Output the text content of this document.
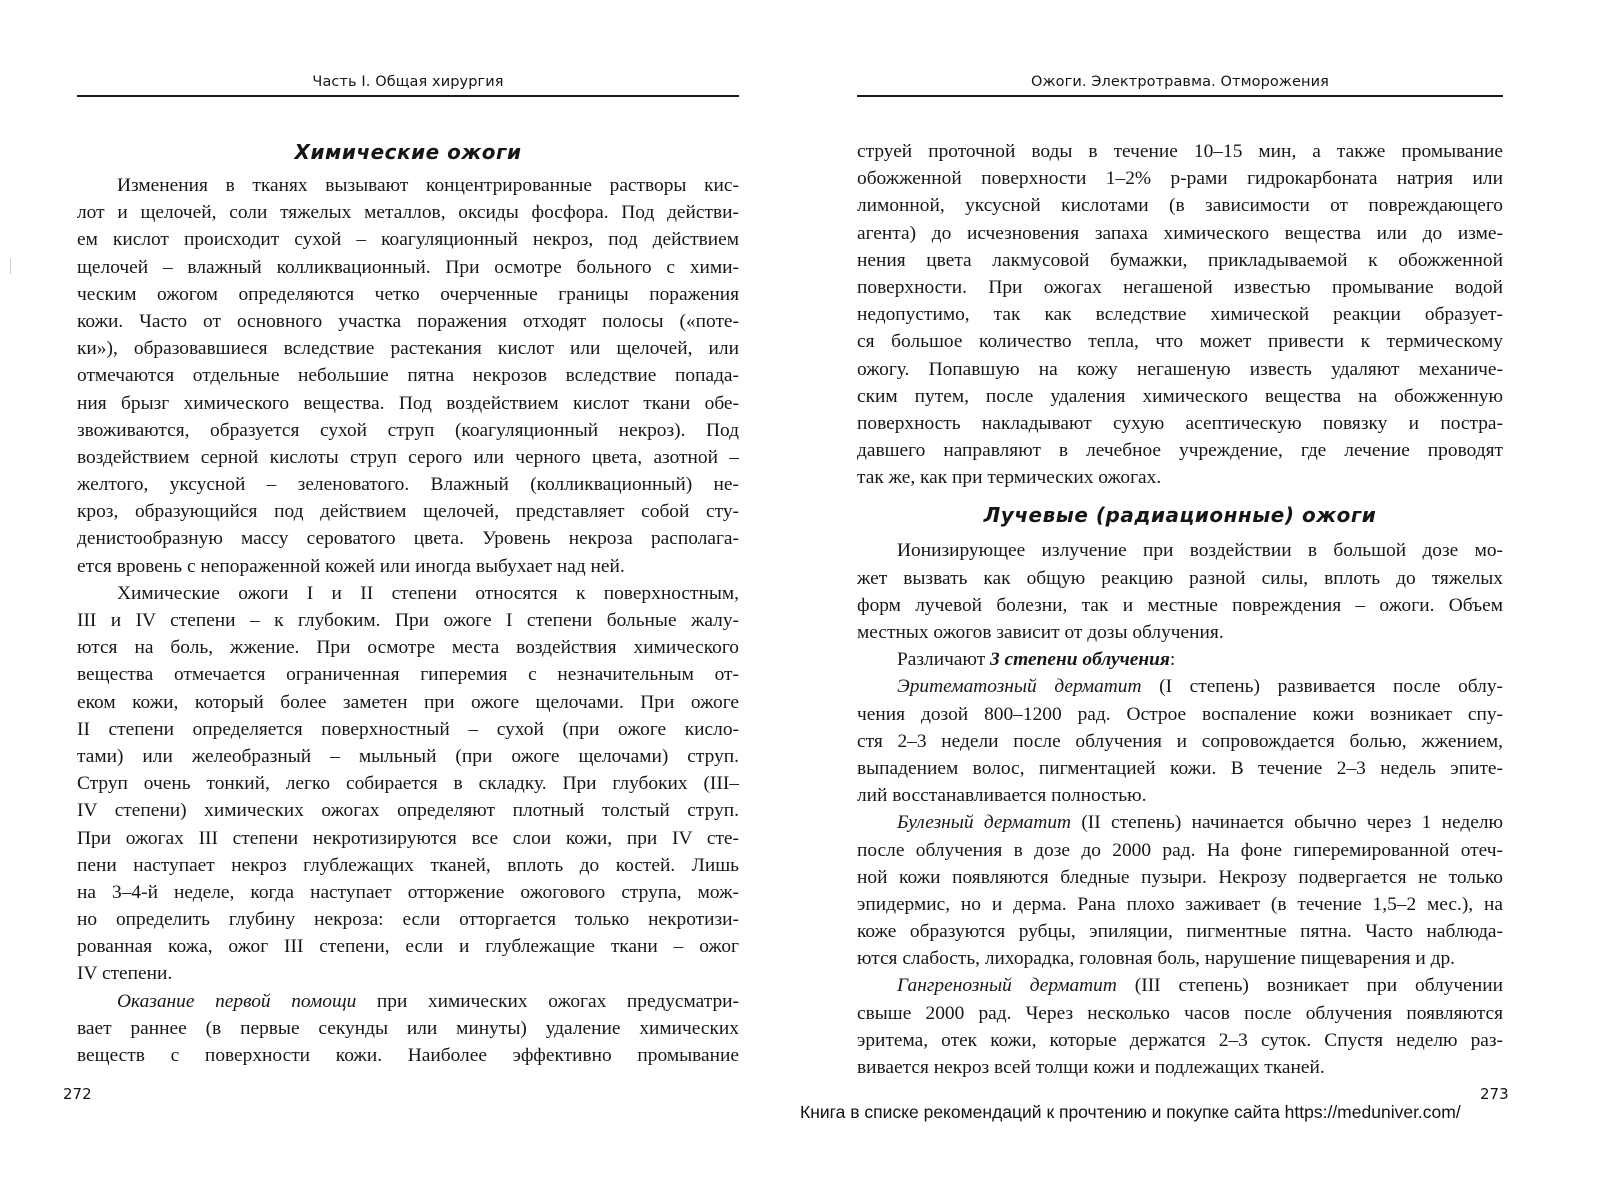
Часть I. Общая хирургия
Химические ожоги
Изменения в тканях вызывают концентрированные растворы кис-
лот и щелочей, соли тяжелых металлов, оксиды фосфора. Под действи-
ем кислот происходит сухой – коагуляционный некроз, под действием
щелочей – влажный колликвационный. При осмотре больного с хими-
ческим ожогом определяются четко очерченные границы поражения
кожи. Часто от основного участка поражения отходят полосы («поте-
ки»), образовавшиеся вследствие растекания кислот или щелочей, или
отмечаются отдельные небольшие пятна некрозов вследствие попада-
ния брызг химического вещества. Под воздействием кислот ткани обе-
звоживаются, образуется сухой струп (коагуляционный некроз). Под
воздействием серной кислоты струп серого или черного цвета, азотной –
желтого, уксусной – зеленоватого. Влажный (колликвационный) не-
кроз, образующийся под действием щелочей, представляет собой сту-
денистообразную массу сероватого цвета. Уровень некроза располага-
ется вровень с непораженной кожей или иногда выбухает над ней.
Химические ожоги I и II степени относятся к поверхностным,
III и IV степени – к глубоким. При ожоге I степени больные жалу-
ются на боль, жжение. При осмотре места воздействия химического
вещества отмечается ограниченная гиперемия с незначительным от-
еком кожи, который более заметен при ожоге щелочами. При ожоге
II степени определяется поверхностный – сухой (при ожоге кисло-
тами) или желеобразный – мыльный (при ожоге щелочами) струп.
Струп очень тонкий, легко собирается в складку. При глубоких (III–
IV степени) химических ожогах определяют плотный толстый струп.
При ожогах III степени некротизируются все слои кожи, при IV сте-
пени наступает некроз глублежащих тканей, вплоть до костей. Лишь
на 3–4-й неделе, когда наступает отторжение ожогового струпа, мож-
но определить глубину некроза: если отторгается только некротизи-
рованная кожа, ожог III степени, если и глублежащие ткани – ожог
IV степени.
Оказание первой помощи при химических ожогах предусматри-
вает раннее (в первые секунды или минуты) удаление химических
веществ с поверхности кожи. Наиболее эффективно промывание
272
Ожоги. Электротравма. Отморожения
струей проточной воды в течение 10–15 мин, а также промывание
обожженной поверхности 1–2% р-рами гидрокарбоната натрия или
лимонной, уксусной кислотами (в зависимости от повреждающего
агента) до исчезновения запаха химического вещества или до изме-
нения цвета лакмусовой бумажки, прикладываемой к обожженной
поверхности. При ожогах негашеной известью промывание водой
недопустимо, так как вследствие химической реакции образует-
ся большое количество тепла, что может привести к термическому
ожогу. Попавшую на кожу негашеную известь удаляют механиче-
ским путем, после удаления химического вещества на обожженную
поверхность накладывают сухую асептическую повязку и постра-
давшего направляют в лечебное учреждение, где лечение проводят
так же, как при термических ожогах.
Лучевые (радиационные) ожоги
Ионизирующее излучение при воздействии в большой дозе мо-
жет вызвать как общую реакцию разной силы, вплоть до тяжелых
форм лучевой болезни, так и местные повреждения – ожоги. Объем
местных ожогов зависит от дозы облучения.
Различают 3 степени облучения:
Эритематозный дерматит (I степень) развивается после облу-
чения дозой 800–1200 рад. Острое воспаление кожи возникает спу-
стя 2–3 недели после облучения и сопровождается болью, жжением,
выпадением волос, пигментацией кожи. В течение 2–3 недель эпите-
лий восстанавливается полностью.
Булезный дерматит (II степень) начинается обычно через 1 неделю
после облучения в дозе до 2000 рад. На фоне гиперемированной отеч-
ной кожи появляются бледные пузыри. Некрозу подвергается не только
эпидермис, но и дерма. Рана плохо заживает (в течение 1,5–2 мес.), на
коже образуются рубцы, эпиляции, пигментные пятна. Часто наблюда-
ются слабость, лихорадка, головная боль, нарушение пищеварения и др.
Гангренозный дерматит (III степень) возникает при облучении
свыше 2000 рад. Через несколько часов после облучения появляются
эритема, отек кожи, которые держатся 2–3 суток. Спустя неделю раз-
вивается некроз всей толщи кожи и подлежащих тканей.
273
Книга в списке рекомендаций к прочтению и покупке сайта https://meduniver.com/
